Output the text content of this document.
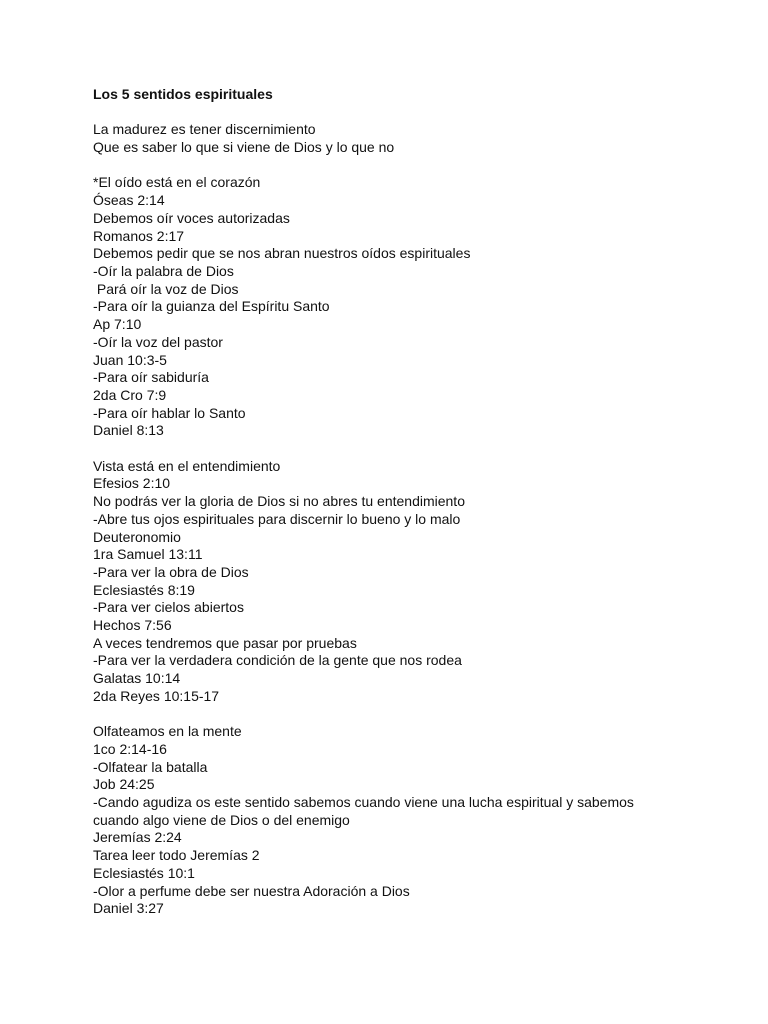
Los 5 sentidos espirituales

La madurez es tener discernimiento

Que es saber lo que si viene de Dios y lo que no

*El oído está en el corazón

Óseas 2:14

Debemos oír voces autorizadas

Romanos 2:17

Debemos pedir que se nos abran nuestros oídos espirituales

-Oír la palabra de Dios

Pará oír la voz de Dios

-Para oír la guianza del Espíritu Santo

Ap 7:10

-Oír la voz del pastor

Juan 10:3-5

-Para oír sabiduría

2da Cro 7:9

-Para oír hablar lo Santo

Daniel 8:13

Vista está en el entendimiento

Efesios 2:10

No podrás ver la gloria de Dios si no abres tu entendimiento

-Abre tus ojos espirituales para discernir lo bueno y lo malo

Deuteronomio

1ra Samuel 13:11

-Para ver la obra de Dios

Eclesiastés 8:19

-Para ver cielos abiertos

Hechos 7:56

A veces tendremos que pasar por pruebas

-Para ver la verdadera condición de la gente que nos rodea

Galatas 10:14

2da Reyes 10:15-17

Olfateamos en la mente

1co 2:14-16

-Olfatear la batalla

Job 24:25

-Cando agudiza os este sentido sabemos cuando viene una lucha espiritual y sabemos

cuando algo viene de Dios o del enemigo

Jeremías 2:24

Tarea leer todo Jeremías 2

Eclesiastés 10:1

-Olor a perfume debe ser nuestra Adoración a Dios

Daniel 3:27
